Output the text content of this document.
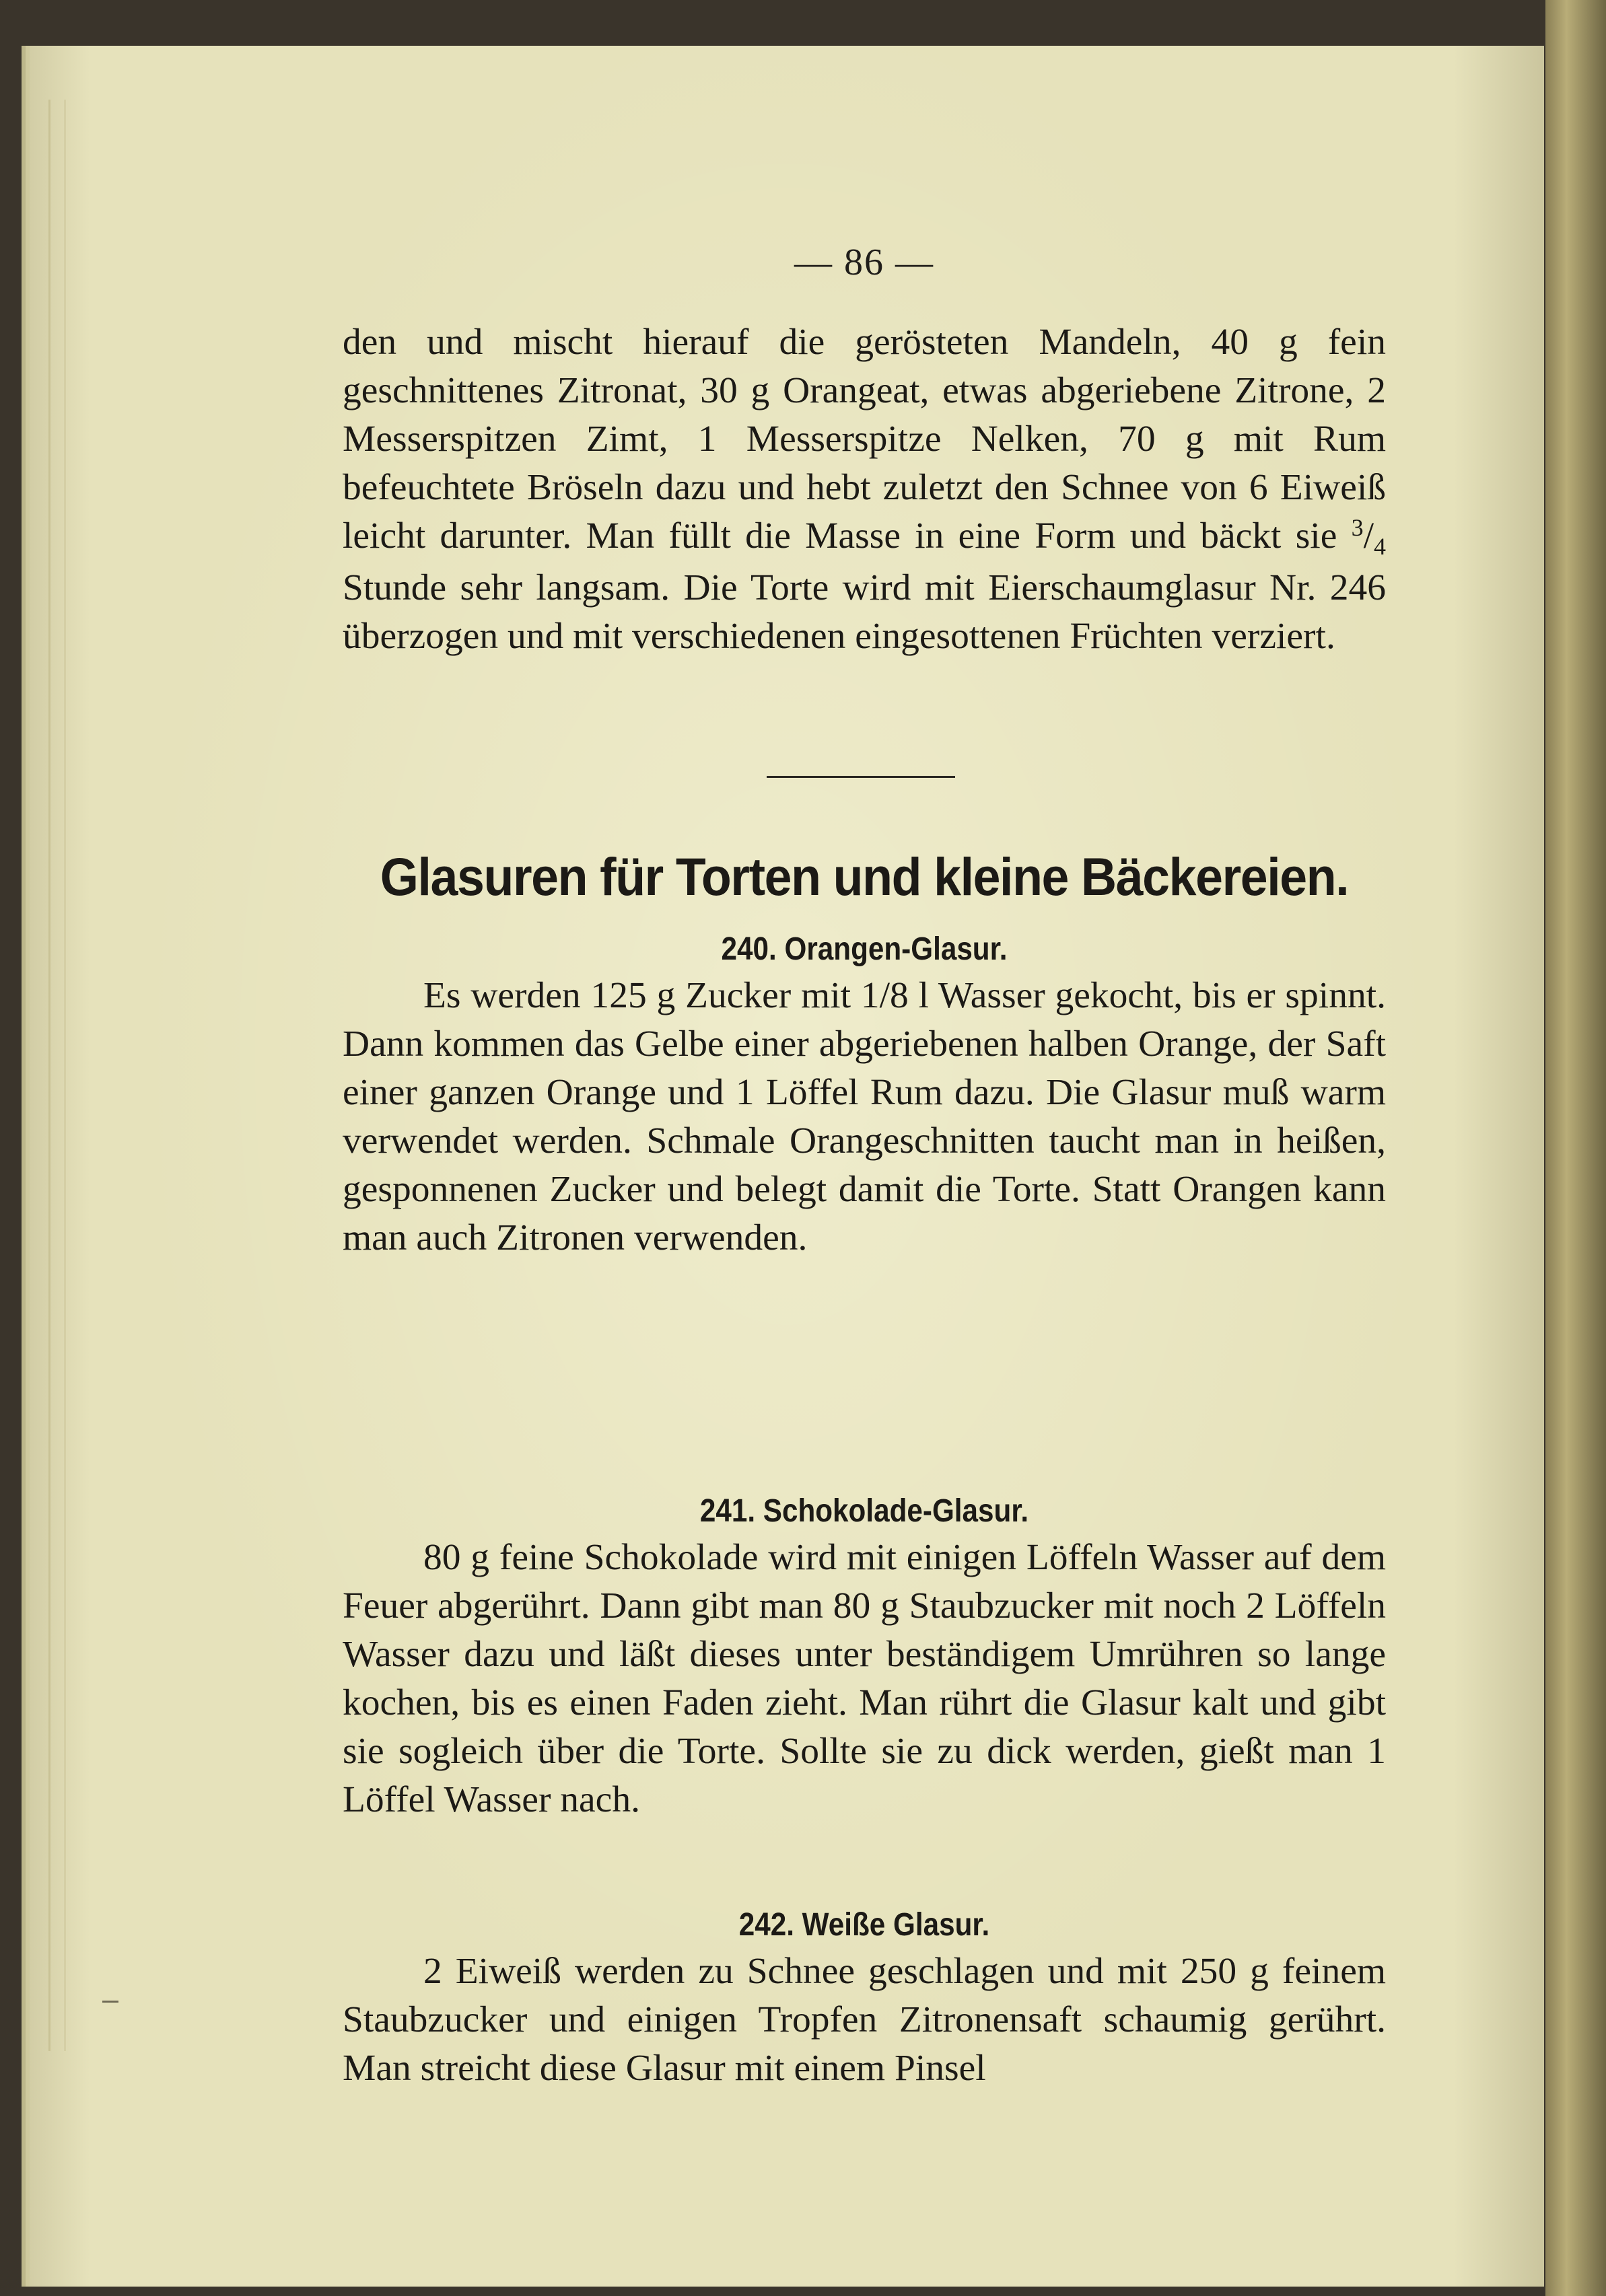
— 86 —

den und mischt hierauf die gerösteten Mandeln, 40 g fein geschnittenes Zitronat, 30 g Orangeat, etwas abgeriebene Zitrone, 2 Messerspitzen Zimt, 1 Messerspitze Nelken, 70 g mit Rum befeuchtete Bröseln dazu und hebt zuletzt den Schnee von 6 Eiweiß leicht darunter. Man füllt die Masse in eine Form und bäckt sie $^3$/4 Stunde sehr langsam. Die Torte wird mit Eierschaumglasur Nr. 246 überzogen und mit verschiedenen eingesottenen Früchten verziert.

Glasuren für Torten und kleine Bäckereien.
240. Orangen-Glasur.

Es werden 125 g Zucker mit 1/8 l Wasser gekocht, bis er spinnt. Dann kommen das Gelbe einer abgeriebenen halben Orange, der Saft einer ganzen Orange und 1 Löffel Rum dazu. Die Glasur muß warm verwendet werden. Schmale Orangeschnitten taucht man in heißen, gesponnenen Zucker und belegt damit die Torte. Statt Orangen kann man auch Zitronen verwenden.

241. Schokolade-Glasur.

80 g feine Schokolade wird mit einigen Löffeln Wasser auf dem Feuer abgerührt. Dann gibt man 80 g Staubzucker mit noch 2 Löffeln Wasser dazu und läßt dieses unter beständigem Umrühren so lange kochen, bis es einen Faden zieht. Man rührt die Glasur kalt und gibt sie sogleich über die Torte. Sollte sie zu dick werden, gießt man 1 Löffel Wasser nach.

242. Weiße Glasur.

2 Eiweiß werden zu Schnee geschlagen und mit 250 g feinem Staubzucker und einigen Tropfen Zitronensaft schaumig gerührt. Man streicht diese Glasur mit einem Pinsel
